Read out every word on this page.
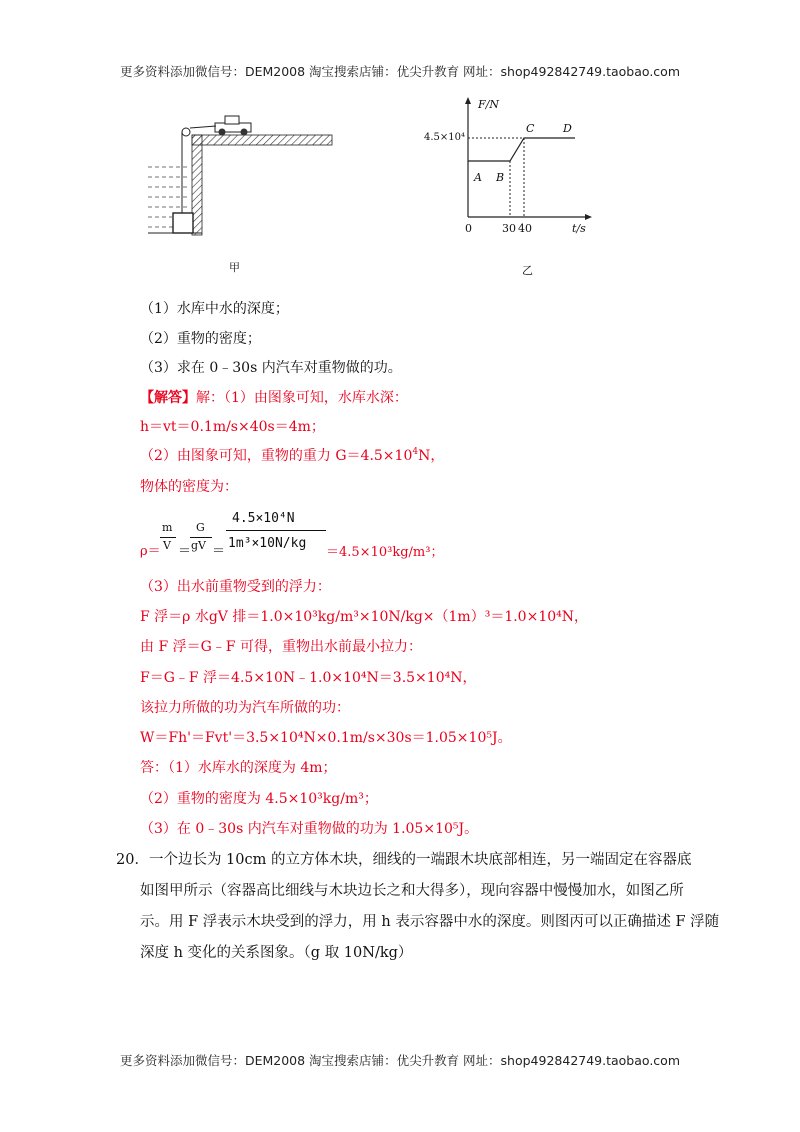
更多资料添加微信号：DEM2008 淘宝搜索店铺：优尖升教育 网址：shop492842749.taobao.com
更多资料添加微信号：DEM2008 淘宝搜索店铺：优尖升教育 网址：shop492842749.taobao.com
甲
F/N
4.5×10⁴
t/s
0	30 40
A B
C	D
乙
（1）水库中水的深度；
（2）重物的密度；
（3）求在 0﹣30s 内汽车对重物做的功。
【解答】解：（1）由图象可知，水库水深：
h＝vt＝0.1m/s×40s＝4m；
（2）由图象可知，重物的重力 $G=4.5\times 10^4N$，
物体的密度为：
ρ＝
m
V ＝
G
gV ＝
4.5×10⁴N
1m³×10N/kg
＝4.5×10³kg/m³；
（3）出水前重物受到的浮力：
F 浮＝ρ 水gV 排＝1.0×10³kg/m³×10N/kg×（1m）³＝1.0×10⁴N，
由 F 浮＝G﹣F 可得，重物出水前最小拉力：
F＝G﹣F 浮＝4.5×10N﹣1.0×10⁴N＝3.5×10⁴N，
该拉力所做的功为汽车所做的功：
W＝Fh'＝Fvt'＝3.5×10⁴N×0.1m/s×30s＝1.05×10⁵J。
答：（1）水库水的深度为 4m；
（2）重物的密度为 4.5×10³kg/m³；
（3）在 0﹣30s 内汽车对重物做的功为 1.05×10⁵J。
20．一个边长为 10cm 的立方体木块，细线的一端跟木块底部相连，另一端固定在容器底
如图甲所示（容器高比细线与木块边长之和大得多），现向容器中慢慢加水，如图乙所
示。用 F 浮表示木块受到的浮力，用 h 表示容器中水的深度。则图丙可以正确描述 F 浮随
深度 h 变化的关系图象。（g 取 10N/kg）
